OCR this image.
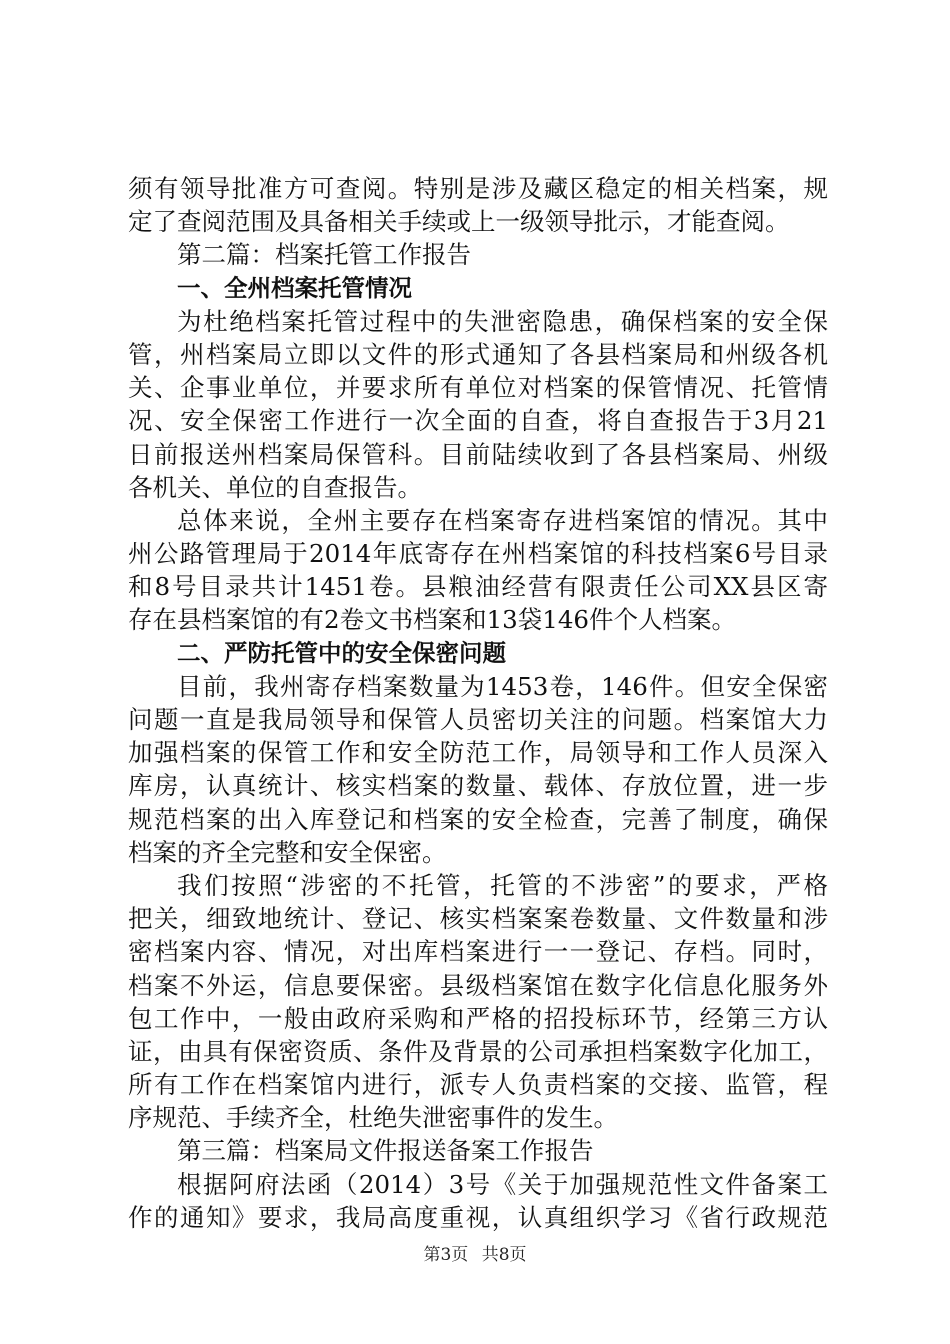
须有领导批准方可查阅。特别是涉及藏区稳定的相关档案，规
定了查阅范围及具备相关手续或上一级领导批示，才能查阅。
第二篇：档案托管工作报告
一、全州档案托管情况
为杜绝档案托管过程中的失泄密隐患，确保档案的安全保
管，州档案局立即以文件的形式通知了各县档案局和州级各机
关、企事业单位，并要求所有单位对档案的保管情况、托管情
况、安全保密工作进行一次全面的自查，将自查报告于3月21
日前报送州档案局保管科。目前陆续收到了各县档案局、州级
各机关、单位的自查报告。
总体来说，全州主要存在档案寄存进档案馆的情况。其中
州公路管理局于2014年底寄存在州档案馆的科技档案6号目录
和8号目录共计1451卷。县粮油经营有限责任公司XX县区寄
存在县档案馆的有2卷文书档案和13袋146件个人档案。
二、严防托管中的安全保密问题
目前，我州寄存档案数量为1453卷，146件。但安全保密
问题一直是我局领导和保管人员密切关注的问题。档案馆大力
加强档案的保管工作和安全防范工作，局领导和工作人员深入
库房，认真统计、核实档案的数量、载体、存放位置，进一步
规范档案的出入库登记和档案的安全检查，完善了制度，确保
档案的齐全完整和安全保密。
我们按照“涉密的不托管，托管的不涉密”的要求，严格
把关，细致地统计、登记、核实档案案卷数量、文件数量和涉
密档案内容、情况，对出库档案进行一一登记、存档。同时，
档案不外运，信息要保密。县级档案馆在数字化信息化服务外
包工作中，一般由政府采购和严格的招投标环节，经第三方认
证，由具有保密资质、条件及背景的公司承担档案数字化加工，
所有工作在档案馆内进行，派专人负责档案的交接、监管，程
序规范、手续齐全，杜绝失泄密事件的发生。
第三篇：档案局文件报送备案工作报告
根据阿府法函（2014）3号《关于加强规范性文件备案工
作的通知》要求，我局高度重视，认真组织学习《省行政规范
第3页 共8页
